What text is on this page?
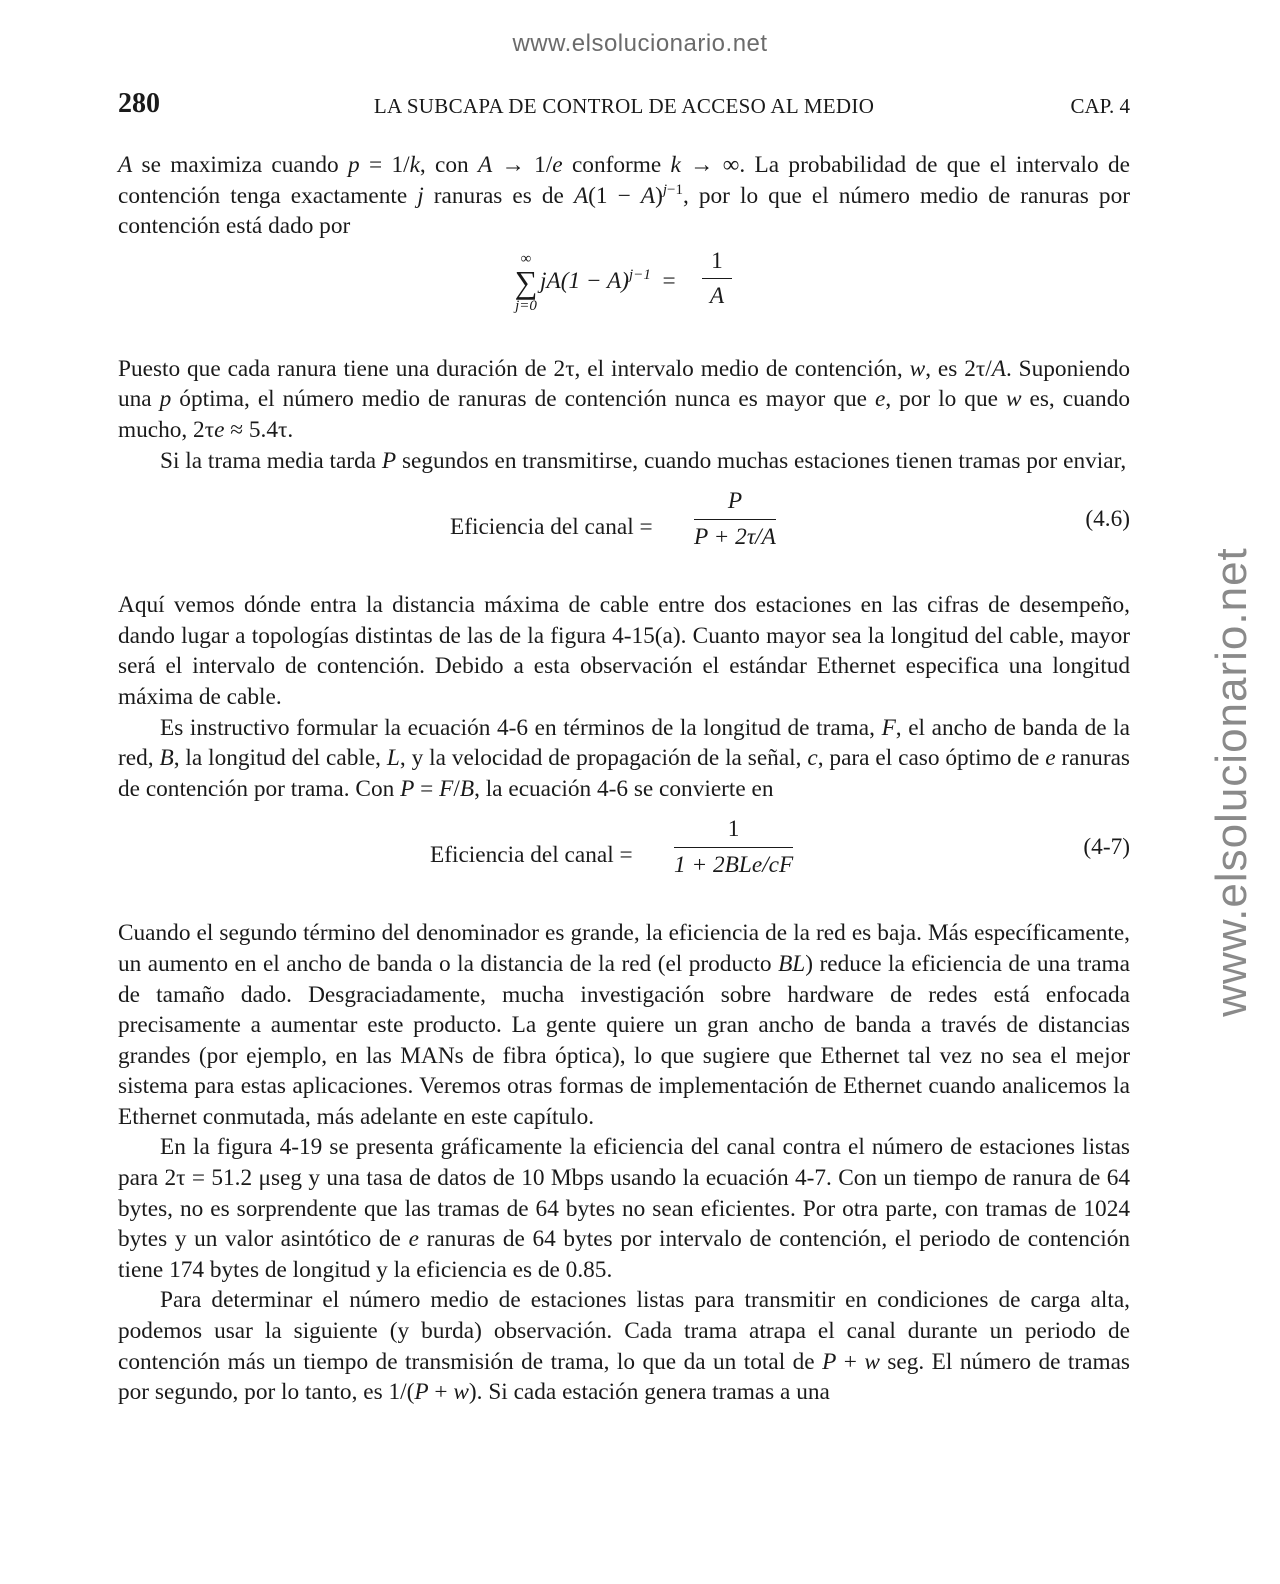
www.elsolucionario.net
www.elsolucionario.net
280	LA SUBCAPA DE CONTROL DE ACCESO AL MEDIO	CAP. 4

A se maximiza cuando p = 1/k, con A → 1/e conforme k → ∞. La probabilidad de que el intervalo de contención tenga exactamente j ranuras es de $A(1 - A)^{j-1}$, por lo que el número medio de ranuras por contención está dado por

∞
∑
j=0
$jA(1 - A)^{j-1} = \frac{1}{A}$

Puesto que cada ranura tiene una duración de 2τ, el intervalo medio de contención, w, es 2τ/A. Suponiendo una p óptima, el número medio de ranuras de contención nunca es mayor que e, por lo que w es, cuando mucho, 2τe ≈ 5.4τ.

Si la trama media tarda P segundos en transmitirse, cuando muchas estaciones tienen tramas por enviar,

Eficiencia del canal = $\frac{P}{P + 2\tau/A}$	(4.6)

Aquí vemos dónde entra la distancia máxima de cable entre dos estaciones en las cifras de desempeño, dando lugar a topologías distintas de las de la figura 4-15(a). Cuanto mayor sea la longitud del cable, mayor será el intervalo de contención. Debido a esta observación el estándar Ethernet especifica una longitud máxima de cable.

Es instructivo formular la ecuación 4-6 en términos de la longitud de trama, F, el ancho de banda de la red, B, la longitud del cable, L, y la velocidad de propagación de la señal, c, para el caso óptimo de e ranuras de contención por trama. Con P = F/B, la ecuación 4-6 se convierte en

Eficiencia del canal =
1
1 + 2BLe/cF
(4-7)

Cuando el segundo término del denominador es grande, la eficiencia de la red es baja. Más específicamente, un aumento en el ancho de banda o la distancia de la red (el producto BL) reduce la eficiencia de una trama de tamaño dado. Desgraciadamente, mucha investigación sobre hardware de redes está enfocada precisamente a aumentar este producto. La gente quiere un gran ancho de banda a través de distancias grandes (por ejemplo, en las MANs de fibra óptica), lo que sugiere que Ethernet tal vez no sea el mejor sistema para estas aplicaciones. Veremos otras formas de implementación de Ethernet cuando analicemos la Ethernet conmutada, más adelante en este capítulo.

En la figura 4-19 se presenta gráficamente la eficiencia del canal contra el número de estaciones listas para 2τ = 51.2 μseg y una tasa de datos de 10 Mbps usando la ecuación 4-7. Con un tiempo de ranura de 64 bytes, no es sorprendente que las tramas de 64 bytes no sean eficientes. Por otra parte, con tramas de 1024 bytes y un valor asintótico de e ranuras de 64 bytes por intervalo de contención, el periodo de contención tiene 174 bytes de longitud y la eficiencia es de 0.85.

Para determinar el número medio de estaciones listas para transmitir en condiciones de carga alta, podemos usar la siguiente (y burda) observación. Cada trama atrapa el canal durante un periodo de contención más un tiempo de transmisión de trama, lo que da un total de P + w seg. El número de tramas por segundo, por lo tanto, es 1/(P + w). Si cada estación genera tramas a una
